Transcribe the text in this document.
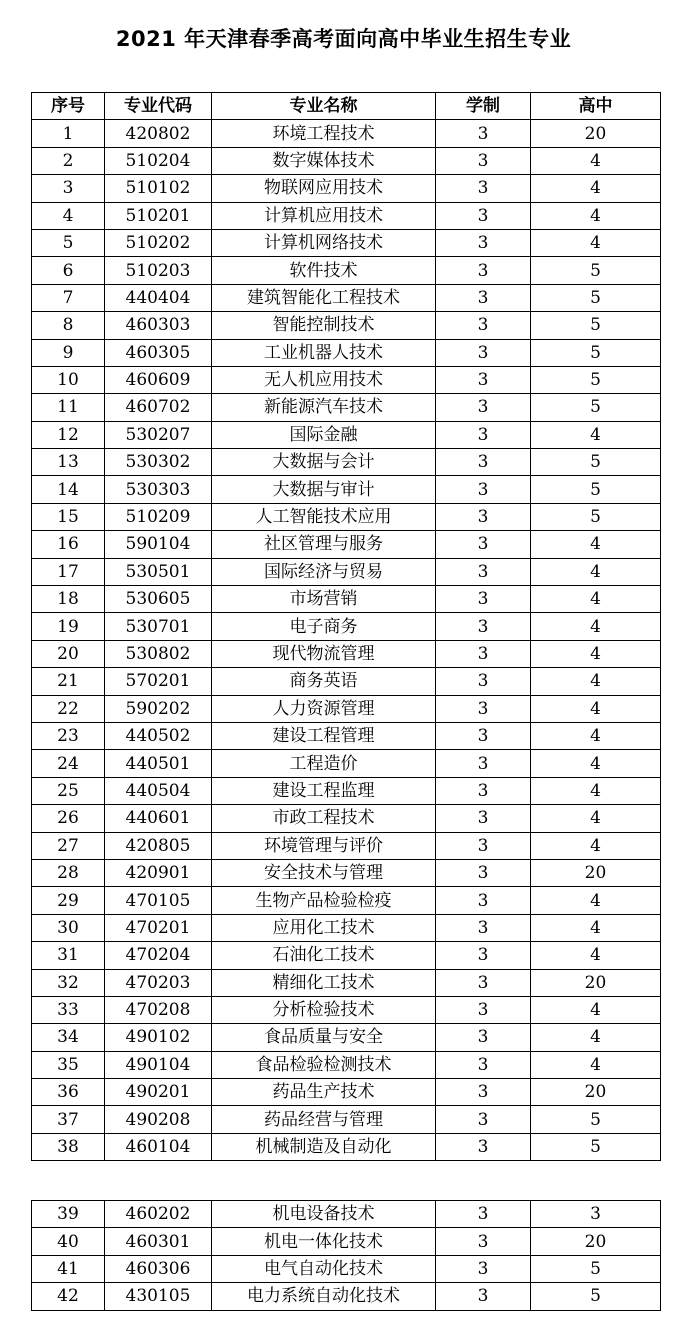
2021 年天津春季高考面向高中毕业生招生专业
序号	专业代码	专业名称	学制	高中
1	420802	环境工程技术	3	20
2	510204	数字媒体技术	3	4
3	510102	物联网应用技术	3	4
4	510201	计算机应用技术	3	4
5	510202	计算机网络技术	3	4
6	510203	软件技术	3	5
7	440404	建筑智能化工程技术	3	5
8	460303	智能控制技术	3	5
9	460305	工业机器人技术	3	5
10	460609	无人机应用技术	3	5
11	460702	新能源汽车技术	3	5
12	530207	国际金融	3	4
13	530302	大数据与会计	3	5
14	530303	大数据与审计	3	5
15	510209	人工智能技术应用	3	5
16	590104	社区管理与服务	3	4
17	530501	国际经济与贸易	3	4
18	530605	市场营销	3	4
19	530701	电子商务	3	4
20	530802	现代物流管理	3	4
21	570201	商务英语	3	4
22	590202	人力资源管理	3	4
23	440502	建设工程管理	3	4
24	440501	工程造价	3	4
25	440504	建设工程监理	3	4
26	440601	市政工程技术	3	4
27	420805	环境管理与评价	3	4
28	420901	安全技术与管理	3	20
29	470105	生物产品检验检疫	3	4
30	470201	应用化工技术	3	4
31	470204	石油化工技术	3	4
32	470203	精细化工技术	3	20
33	470208	分析检验技术	3	4
34	490102	食品质量与安全	3	4
35	490104	食品检验检测技术	3	4
36	490201	药品生产技术	3	20
37	490208	药品经营与管理	3	5
38	460104	机械制造及自动化	3	5
39	460202	机电设备技术	3	3
40	460301	机电一体化技术	3	20
41	460306	电气自动化技术	3	5
42	430105	电力系统自动化技术	3	5
